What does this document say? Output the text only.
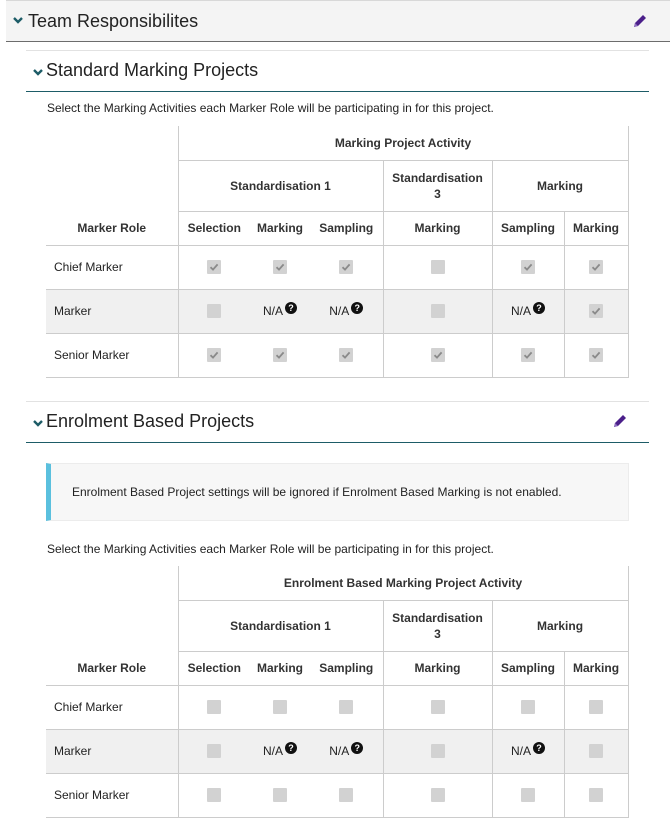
Team Responsibilites
Standard Marking Projects
Select the Marking Activities each Marker Role will be participating in for this project.
	Marking Project Activity					
	Standardisation 1			Standardisation 3	Marking	
Marker Role	Selection	Marking	Sampling	Marking	Sampling	Marking
Chief Marker	

Marker		N/A ?	N/A ?		N/A ?

Senior Marker	

Enrolment Based Projects
Enrolment Based Project settings will be ignored if Enrolment Based Marking is not enabled.
Select the Marking Activities each Marker Role will be participating in for this project.
	Enrolment Based Marking Project Activity					
	Standardisation 1			Standardisation 3	Marking	
Marker Role	Selection	Marking	Sampling	Marking	Sampling	Marking
Chief Marker						
Marker		N/A ?	N/A ?		N/A ?	

Senior Marker						
